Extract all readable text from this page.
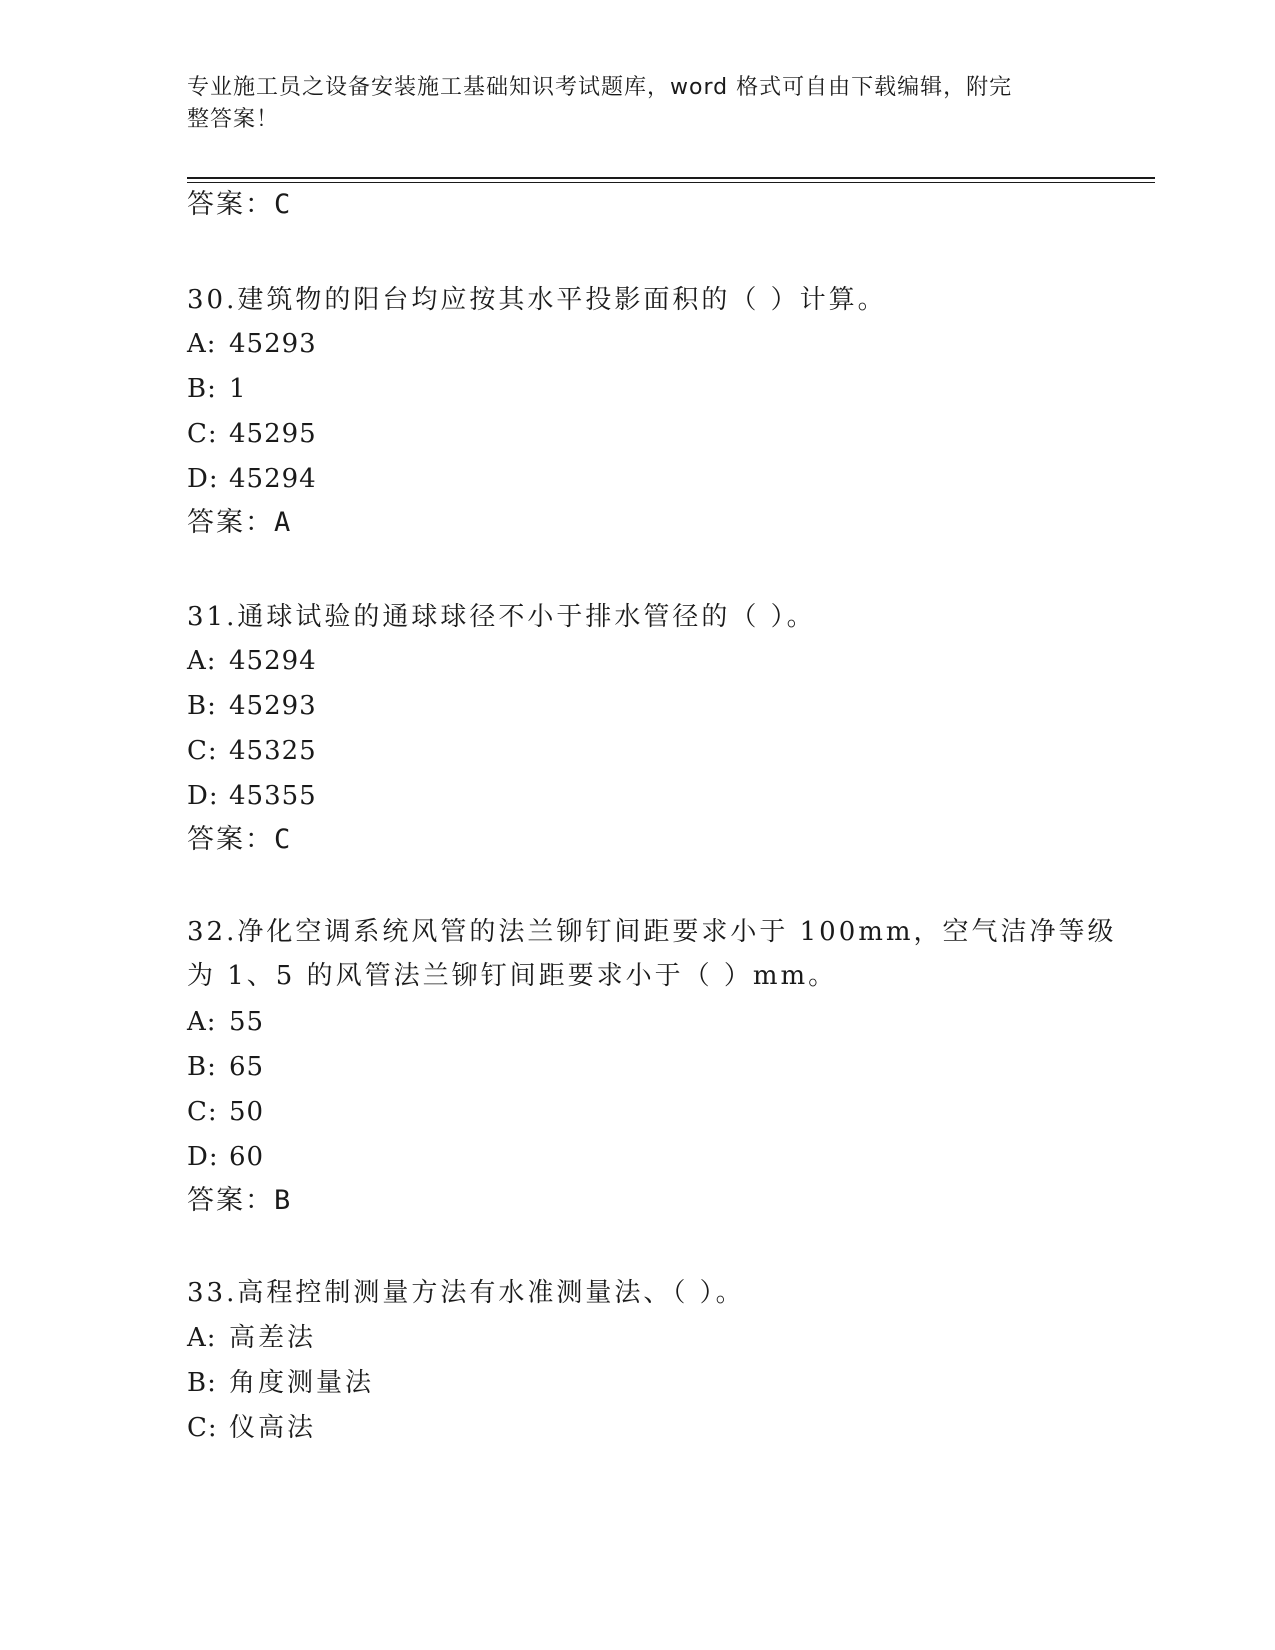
专业施工员之设备安装施工基础知识考试题库，word 格式可自由下载编辑，附完
整答案！

答案：C

30.建筑物的阳台均应按其水平投影面积的（ ）计算。

A: 45293

B: 1

C: 45295

D: 45294

答案：A

31.通球试验的通球球径不小于排水管径的（ ）。

A: 45294

B: 45293

C: 45325

D: 45355

答案：C

32.净化空调系统风管的法兰铆钉间距要求小于 100mm，空气洁净等级

为 1、5 的风管法兰铆钉间距要求小于（ ）mm。

A: 55

B: 65

C: 50

D: 60

答案：B

33.高程控制测量方法有水准测量法、（ ）。

A: 高差法

B: 角度测量法

C: 仪高法
